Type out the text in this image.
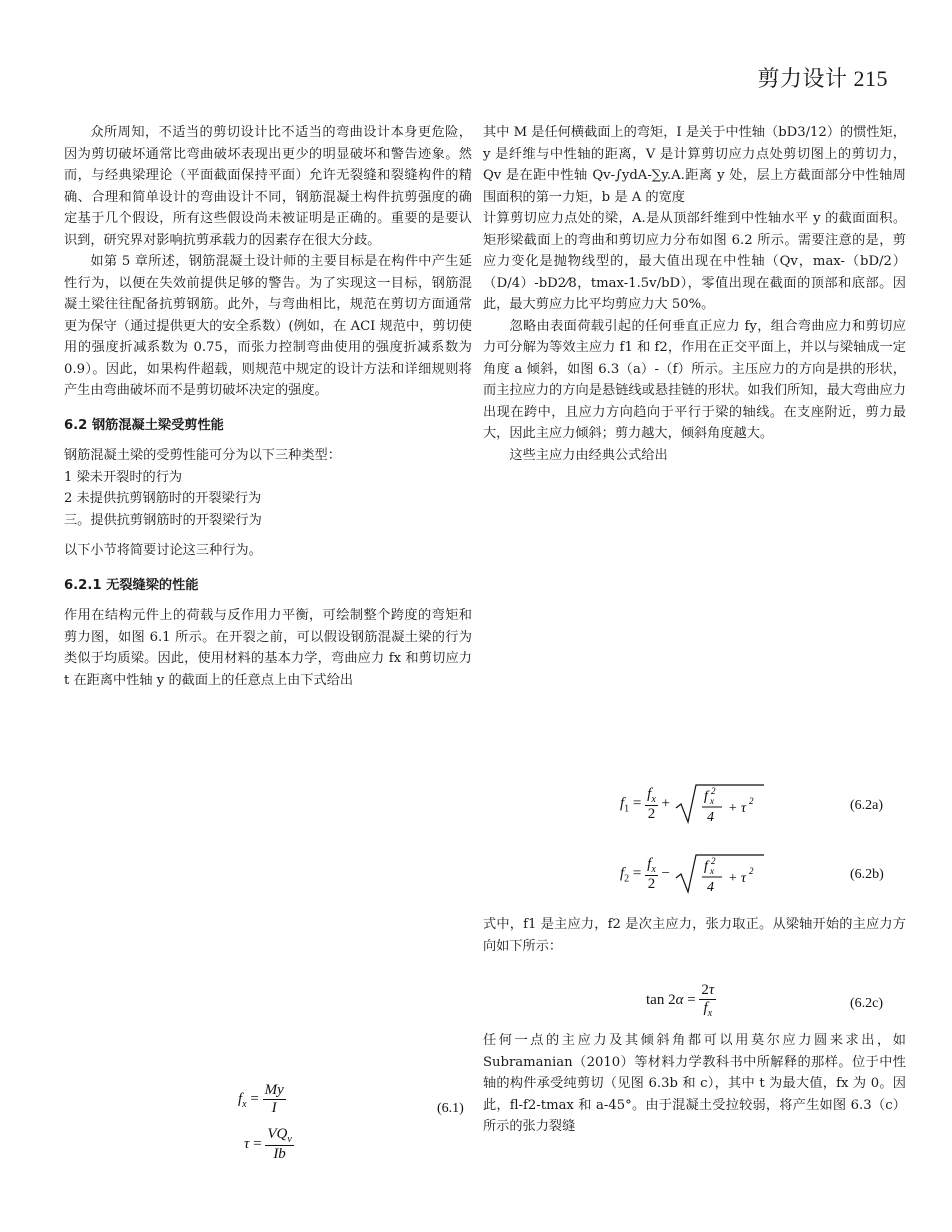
剪力设计 215

众所周知，不适当的剪切设计比不适当的弯曲设计本身更危险，因为剪切破坏通常比弯曲破坏表现出更少的明显破坏和警告迹象。然而，与经典梁理论（平面截面保持平面）允许无裂缝和裂缝构件的精确、合理和简单设计的弯曲设计不同，钢筋混凝土构件抗剪强度的确定基于几个假设，所有这些假设尚未被证明是正确的。重要的是要认识到，研究界对影响抗剪承载力的因素存在很大分歧。

如第 5 章所述，钢筋混凝土设计师的主要目标是在构件中产生延性行为，以便在失效前提供足够的警告。为了实现这一目标，钢筋混凝土梁往往配备抗剪钢筋。此外，与弯曲相比，规范在剪切方面通常更为保守（通过提供更大的安全系数）(例如，在 ACI 规范中，剪切使用的强度折减系数为 0.75，而张力控制弯曲使用的强度折减系数为 0.9）。因此，如果构件超载，则规范中规定的设计方法和详细规则将产生由弯曲破坏而不是剪切破坏决定的强度。

6.2 钢筋混凝土梁受剪性能

钢筋混凝土梁的受剪性能可分为以下三种类型：

1 梁未开裂时的行为

2 未提供抗剪钢筋时的开裂梁行为

三。提供抗剪钢筋时的开裂梁行为

以下小节将简要讨论这三种行为。

6.2.1 无裂缝梁的性能

作用在结构元件上的荷载与反作用力平衡，可绘制整个跨度的弯矩和剪力图，如图 6.1 所示。在开裂之前，可以假设钢筋混凝土梁的行为类似于均质梁。因此，使用材料的基本力学，弯曲应力 fx 和剪切应力 t 在距离中性轴 y 的截面上的任意点上由下式给出

其中 M 是任何横截面上的弯矩，I 是关于中性轴（bD3/12）的惯性矩，y 是纤维与中性轴的距离，V 是计算剪切应力点处剪切图上的剪切力，Qv 是在距中性轴 Qv-∫ydA-∑y.A.距离 y 处，层上方截面部分中性轴周围面积的第一力矩，b 是 A 的宽度

计算剪切应力点处的梁，A.是从顶部纤维到中性轴水平 y 的截面面积。矩形梁截面上的弯曲和剪切应力分布如图 6.2 所示。需要注意的是，剪应力变化是抛物线型的，最大值出现在中性轴（Qv，max-（bD/2）（D/4）-bD2⁄8，tmax-1.5v/bD），零值出现在截面的顶部和底部。因此，最大剪应力比平均剪应力大 50%。

忽略由表面荷载引起的任何垂直正应力 fy，组合弯曲应力和剪切应力可分解为等效主应力 f1 和 f2，作用在正交平面上，并以与梁轴成一定角度 a 倾斜，如图 6.3（a）-（f）所示。主压应力的方向是拱的形状，而主拉应力的方向是悬链线或悬挂链的形状。如我们所知，最大弯曲应力出现在跨中，且应力方向趋向于平行于梁的轴线。在支座附近，剪力最大，因此主应力倾斜；剪力越大，倾斜角度越大。

这些主应力由经典公式给出

式中，f1 是主应力，f2 是次主应力，张力取正。从梁轴开始的主应力方向如下所示：

任何一点的主应力及其倾斜角都可以用莫尔应力圆来求出，如 Subramanian（2010）等材料力学教科书中所解释的那样。位于中性轴的构件承受纯剪切（见图 6.3b 和 c），其中 t 为最大值，fx 为 0。因此，fl-f2-tmax 和 a-45°。由于混凝土受拉较弱，将产生如图 6.3（c）所示的张力裂缝

$f_x = \frac{My}{I}$
$\tau = \frac{VQ_v}{Ib}$
(6.1)
$f_1 = \frac{f_x}{2} + f$ x
2
4
+ τ 2	(6.2a)
$f_2 = \frac{f_x}{2} - f$ x
2
4
+ τ 2	(6.2b)
$\tan 2\alpha = \frac{2\tau}{f_x}$	(6.2c)
